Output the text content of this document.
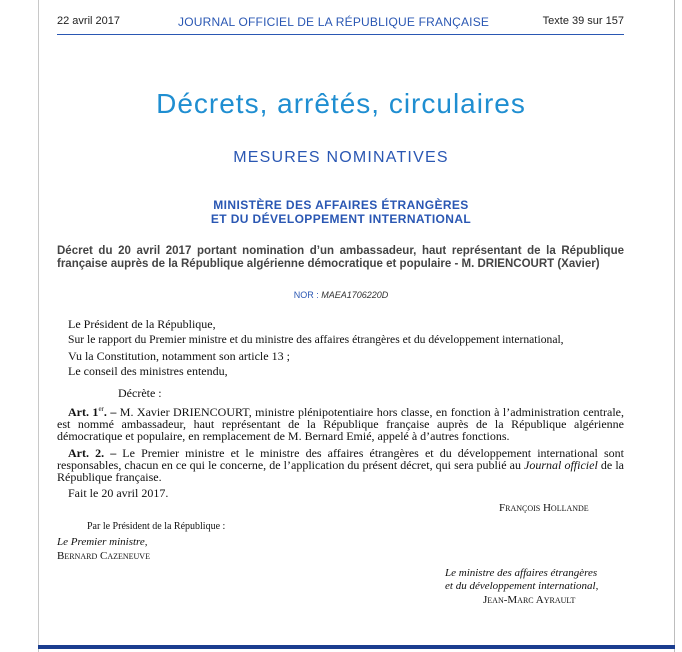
22 avril 2017	JOURNAL OFFICIEL DE LA RÉPUBLIQUE FRANÇAISE	Texte 39 sur 157
Décrets, arrêtés, circulaires
MESURES NOMINATIVES
MINISTÈRE DES AFFAIRES ÉTRANGÈRES
ET DU DÉVELOPPEMENT INTERNATIONAL
Décret du 20 avril 2017 portant nomination d’un ambassadeur, haut représentant de la République française auprès de la République algérienne démocratique et populaire - M. DRIENCOURT (Xavier)
NOR : MAEA1706220D
Le Président de la République,
Sur le rapport du Premier ministre et du ministre des affaires étrangères et du développement international,
Vu la Constitution, notamment son article 13 ;
Le conseil des ministres entendu,
Décrète :
Art. 1er. – M. Xavier DRIENCOURT, ministre plénipotentiaire hors classe, en fonction à l’administration centrale, est nommé ambassadeur, haut représentant de la République française auprès de la République algérienne démocratique et populaire, en remplacement de M. Bernard Emié, appelé à d’autres fonctions.
Art. 2. – Le Premier ministre et le ministre des affaires étrangères et du développement international sont responsables, chacun en ce qui le concerne, de l’application du présent décret, qui sera publié au Journal officiel de la République française.
Fait le 20 avril 2017.
François Hollande
Par le Président de la République :
Le Premier ministre,
Bernard Cazeneuve
Le ministre des affaires étrangères
et du développement international,
Jean-Marc Ayrault
